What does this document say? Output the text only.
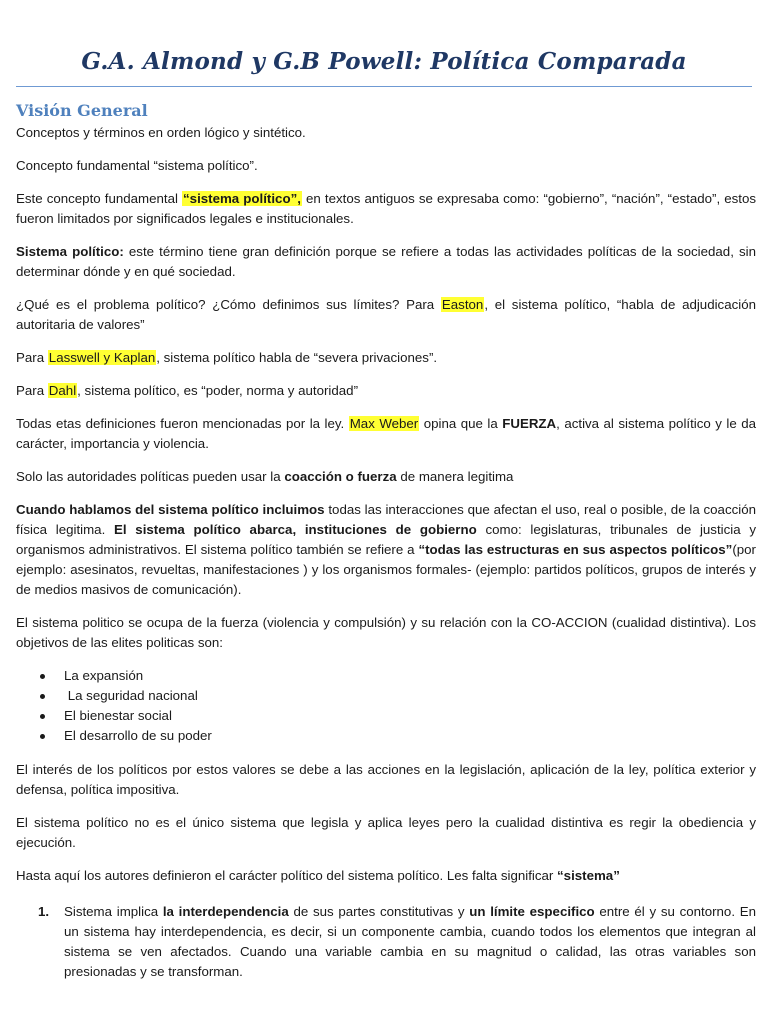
G.A. Almond y G.B Powell: Política Comparada
Visión General

Conceptos y términos en orden lógico y sintético.

Concepto fundamental “sistema político”.

Este concepto fundamental “sistema político”, en textos antiguos se expresaba como: “gobierno”, “nación”, “estado”, estos fueron limitados por significados legales e institucionales.

Sistema político: este término tiene gran definición porque se refiere a todas las actividades políticas de la sociedad, sin determinar dónde y en qué sociedad.

¿Qué es el problema político? ¿Cómo definimos sus límites? Para Easton, el sistema político, “habla de adjudicación autoritaria de valores”

Para Lasswell y Kaplan, sistema político habla de “severa privaciones”.

Para Dahl, sistema político, es “poder, norma y autoridad”

Todas etas definiciones fueron mencionadas por la ley. Max Weber opina que la FUERZA, activa al sistema político y le da carácter, importancia y violencia.

Solo las autoridades políticas pueden usar la coacción o fuerza de manera legitima

Cuando hablamos del sistema político incluimos todas las interacciones que afectan el uso, real o posible, de la coacción física legitima. El sistema político abarca, instituciones de gobierno como: legislaturas, tribunales de justicia y organismos administrativos. El sistema político también se refiere a “todas las estructuras en sus aspectos políticos”(por ejemplo: asesinatos, revueltas, manifestaciones ) y los organismos formales- (ejemplo: partidos políticos, grupos de interés y de medios masivos de comunicación).

El sistema politico se ocupa de la fuerza (violencia y compulsión) y su relación con la CO-ACCION (cualidad distintiva). Los objetivos de las elites politicas son:

La expansión
La seguridad nacional
El bienestar social
El desarrollo de su poder

El interés de los políticos por estos valores se debe a las acciones en la legislación, aplicación de la ley, política exterior y defensa, política impositiva.

El sistema político no es el único sistema que legisla y aplica leyes pero la cualidad distintiva es regir la obediencia y ejecución.

Hasta aquí los autores definieron el carácter político del sistema político. Les falta significar “sistema”

1. Sistema implica la interdependencia de sus partes constitutivas y un límite especifico entre él y su contorno. En un sistema hay interdependencia, es decir, si un componente cambia, cuando todos los elementos que integran al sistema se ven afectados. Cuando una variable cambia en su magnitud o calidad, las otras variables son presionadas y se transforman.
